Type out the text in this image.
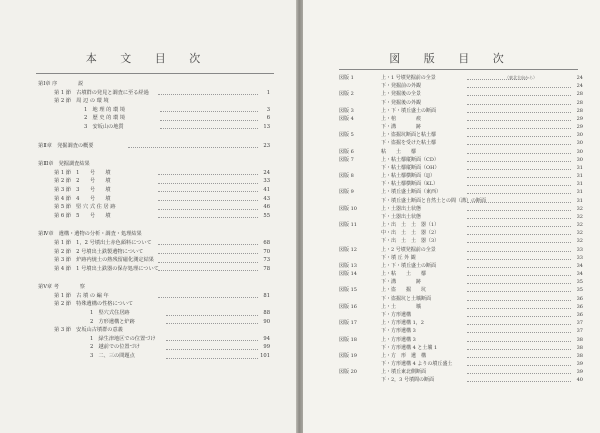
本 文 目 次
第Ⅰ章 序　　　　説
第 1 節　古墳群の発見と調査に至る経過	1
第 2 節　周 辺 の 環 境
1　地 理 的 環 境	3
2　歴 史 的 環 境	6
3　安坂山の地質	13
第Ⅱ章　発掘調査の概要	23
第Ⅲ章　発掘調査結果
第 1 節　1　　号　　墳	24
第 2 節　2　　号　　墳	33
第 3 節　3　　号　　墳	41
第 4 節　4　　号　　墳	43
第 5 節　堅 穴 式 住 居 跡	46
第 6 節　5　　号　　墳	55
第Ⅳ章　遺構・遺物の分析・調査・処理結果
第 1 節　1，2 号墳出土赤色顔料について	68
第 2 節　2 号墳出土鉄製遺物について	70
第 3 節　炉跡内焼土の熱残留磁化測定結果	73
第 4 節　1 号墳出土鉄器の保存処理について	78
第Ⅴ章 考　　　　察
第 1 節　古 墳 の 編 年	81
第 2 節　特殊遺構の性格について
1　堅穴式住居跡	88
2　方形遺構と炉跡	90
第 3 節　安坂山古墳群の意義
1　緑生津地区での位置づけ	94
2　越前での位置づけ	99
3　二、三の問題点	101
図 版 目 次
図版 1	上・1 号墳発掘前の全景	（東北方向から）	24
下・発掘前の外観	24
図版 2	上・発掘後の全景	28
下・発掘後の外観	28
図版 3	上・下・墳丘盛土の断面	28
図版 4	上・棺　　　　痕	29
下・溝　　　　跡	29
図版 5	上・盗掘坑断面と粘土槨	30
下・盗掘を受けた粘土槨	30
図版 6	粘　　土　　槨	30
図版 7	上・粘土槨縦断面（CD）	30
下・粘土槨縦断面（OH）	31
図版 8	上・粘土槨横断面（IJ）	31
下・粘土槨横断面（KL）	31
図版 9	上・墳丘盛土断面（東西）	31
下・墳丘盛土断面と自然土との間（溝）の断面	31
図版 10	上・土器出土状態	32
下・土器出土状態	32
図版 11	上・出　土　土　器（1）	32
中・出　土　土　器（2）	32
下・出　土　土　器（3）	32
図版 12	上・2 号墳発掘前の全景	33
下・墳 丘 外 観	33
図版 13	上・下・墳丘盛土の断面	34
図版 14	上・粘　　土　　槨	34
下・溝　　　　跡	35
図版 15	上・盗　　掘　　坑	35
下・盗掘坑と土壙断面	36
図版 16	上・土　　　　壙	36
下・方形遺構	36
図版 17	上・方形遺構 1，2	37
下・方形遺構 3	37
図版 18	上・方形遺構 3	38
下・方形遺構 4 と土壙 1	38
図版 19	上・方　形　遺　構	38
下・方形遺構 4 よりの墳丘盛土	39
図版 20	上・墳丘東北側断面	39
下・2，3 号墳間の断面	40
